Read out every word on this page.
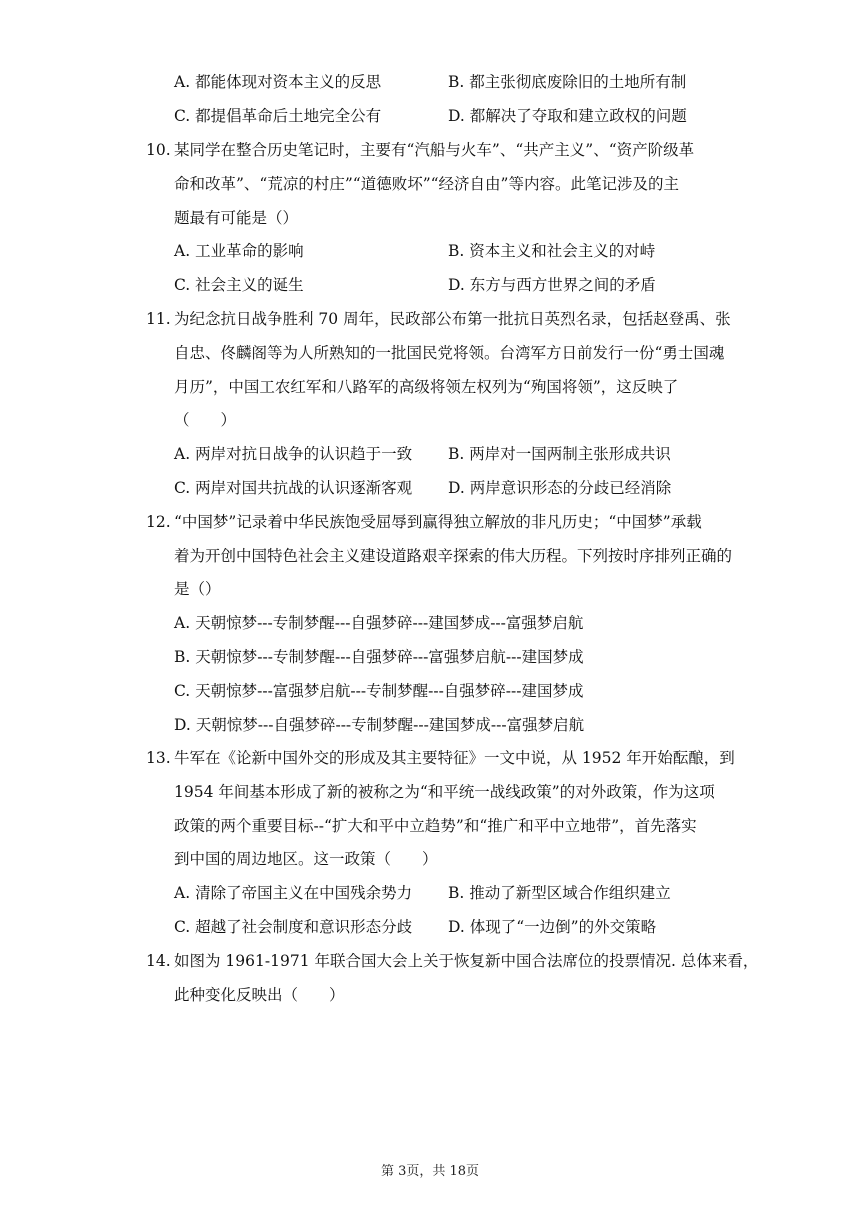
A. 都能体现对资本主义的反思	B. 都主张彻底废除旧的土地所有制
C. 都提倡革命后土地完全公有	D. 都解决了夺取和建立政权的问题
10. 某同学在整合历史笔记时，主要有“汽船与火车”、“共产主义”、“资产阶级革
命和改革”、“荒凉的村庄”“道德败坏”“经济自由”等内容。此笔记涉及的主
题最有可能是（）
A. 工业革命的影响	B. 资本主义和社会主义的对峙
C. 社会主义的诞生	D. 东方与西方世界之间的矛盾
11. 为纪念抗日战争胜利 70 周年，民政部公布第一批抗日英烈名录，包括赵登禹、张
自忠、佟麟阁等为人所熟知的一批国民党将领。台湾军方日前发行一份“勇士国魂
月历”，中国工农红军和八路军的高级将领左权列为“殉国将领”，这反映了
（　　）
A. 两岸对抗日战争的认识趋于一致 B. 两岸对一国两制主张形成共识
C. 两岸对国共抗战的认识逐渐客观 D. 两岸意识形态的分歧已经消除
12. “中国梦”记录着中华民族饱受屈辱到赢得独立解放的非凡历史；“中国梦”承载
着为开创中国特色社会主义建设道路艰辛探索的伟大历程。下列按时序排列正确的
是（）
A. 天朝惊梦---专制梦醒---自强梦碎---建国梦成---富强梦启航
B. 天朝惊梦---专制梦醒---自强梦碎---富强梦启航---建国梦成
C. 天朝惊梦---富强梦启航---专制梦醒---自强梦碎---建国梦成
D. 天朝惊梦---自强梦碎---专制梦醒---建国梦成---富强梦启航
13. 牛军在《论新中国外交的形成及其主要特征》一文中说，从 1952 年开始酝酿，到
1954 年间基本形成了新的被称之为“和平统一战线政策”的对外政策，作为这项
政策的两个重要目标--“扩大和平中立趋势”和“推广和平中立地带”，首先落实
到中国的周边地区。这一政策（　　）
A. 清除了帝国主义在中国残余势力 B. 推动了新型区域合作组织建立
C. 超越了社会制度和意识形态分歧 D. 体现了“一边倒”的外交策略
14. 如图为 1961-1971 年联合国大会上关于恢复新中国合法席位的投票情况. 总体来看，
此种变化反映出（　　）
第 3页，共 18页
